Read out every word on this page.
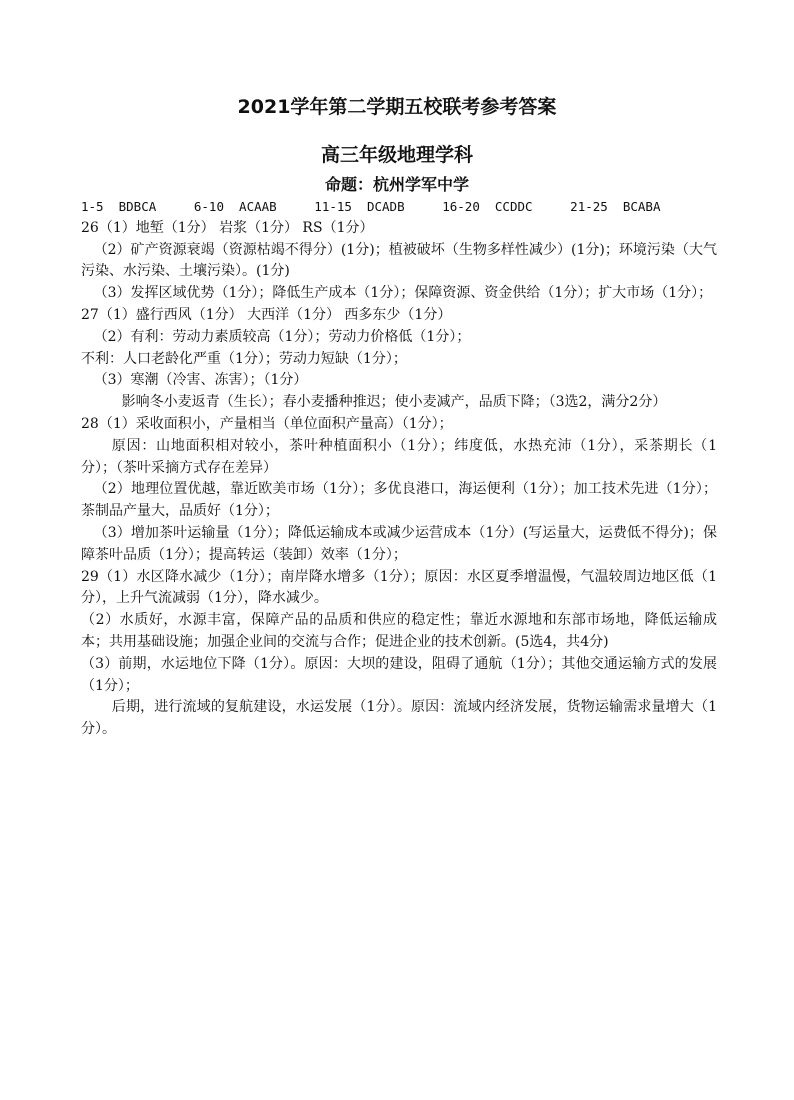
2021学年第二学期五校联考参考答案
高三年级地理学科
命题：杭州学军中学

1-5  BDBCA     6-10  ACAAB     11-15  DCADB     16-20  CCDDC     21-25  BCABA

26（1）地堑（1分） 岩浆（1分） RS（1分）

（2）矿产资源衰竭（资源枯竭不得分）(1分)；植被破坏（生物多样性减少）(1分)；环境污染（大气污染、水污染、土壤污染）。(1分)

（3）发挥区域优势（1分）；降低生产成本（1分）；保障资源、资金供给（1分）；扩大市场（1分）；

27（1）盛行西风（1分） 大西洋（1分） 西多东少（1分）

（2）有利：劳动力素质较高（1分）；劳动力价格低（1分）；

不利：人口老龄化严重（1分）；劳动力短缺（1分）；

（3）寒潮（冷害、冻害）；（1分）

影响冬小麦返青（生长）；春小麦播种推迟；使小麦减产，品质下降；（3选2，满分2分）

28（1）采收面积小，产量相当（单位面积产量高）（1分）；

原因：山地面积相对较小，茶叶种植面积小（1分）；纬度低，水热充沛（1分），采茶期长（1分）；（茶叶采摘方式存在差异）

（2）地理位置优越，靠近欧美市场（1分）；多优良港口，海运便利（1分）；加工技术先进（1分）；茶制品产量大，品质好（1分）；

（3）增加茶叶运输量（1分）；降低运输成本或减少运营成本（1分）(写运量大，运费低不得分)；保障茶叶品质（1分）；提高转运（装卸）效率（1分）；

29（1）水区降水减少（1分）；南岸降水增多（1分）；原因：水区夏季增温慢，气温较周边地区低（1分），上升气流减弱（1分），降水减少。

（2）水质好，水源丰富，保障产品的品质和供应的稳定性；靠近水源地和东部市场地，降低运输成本；共用基础设施；加强企业间的交流与合作；促进企业的技术创新。(5选4，共4分)

（3）前期，水运地位下降（1分）。原因：大坝的建设，阻碍了通航（1分）；其他交通运输方式的发展（1分）；

后期，进行流域的复航建设，水运发展（1分）。原因：流域内经济发展，货物运输需求量增大（1分）。
